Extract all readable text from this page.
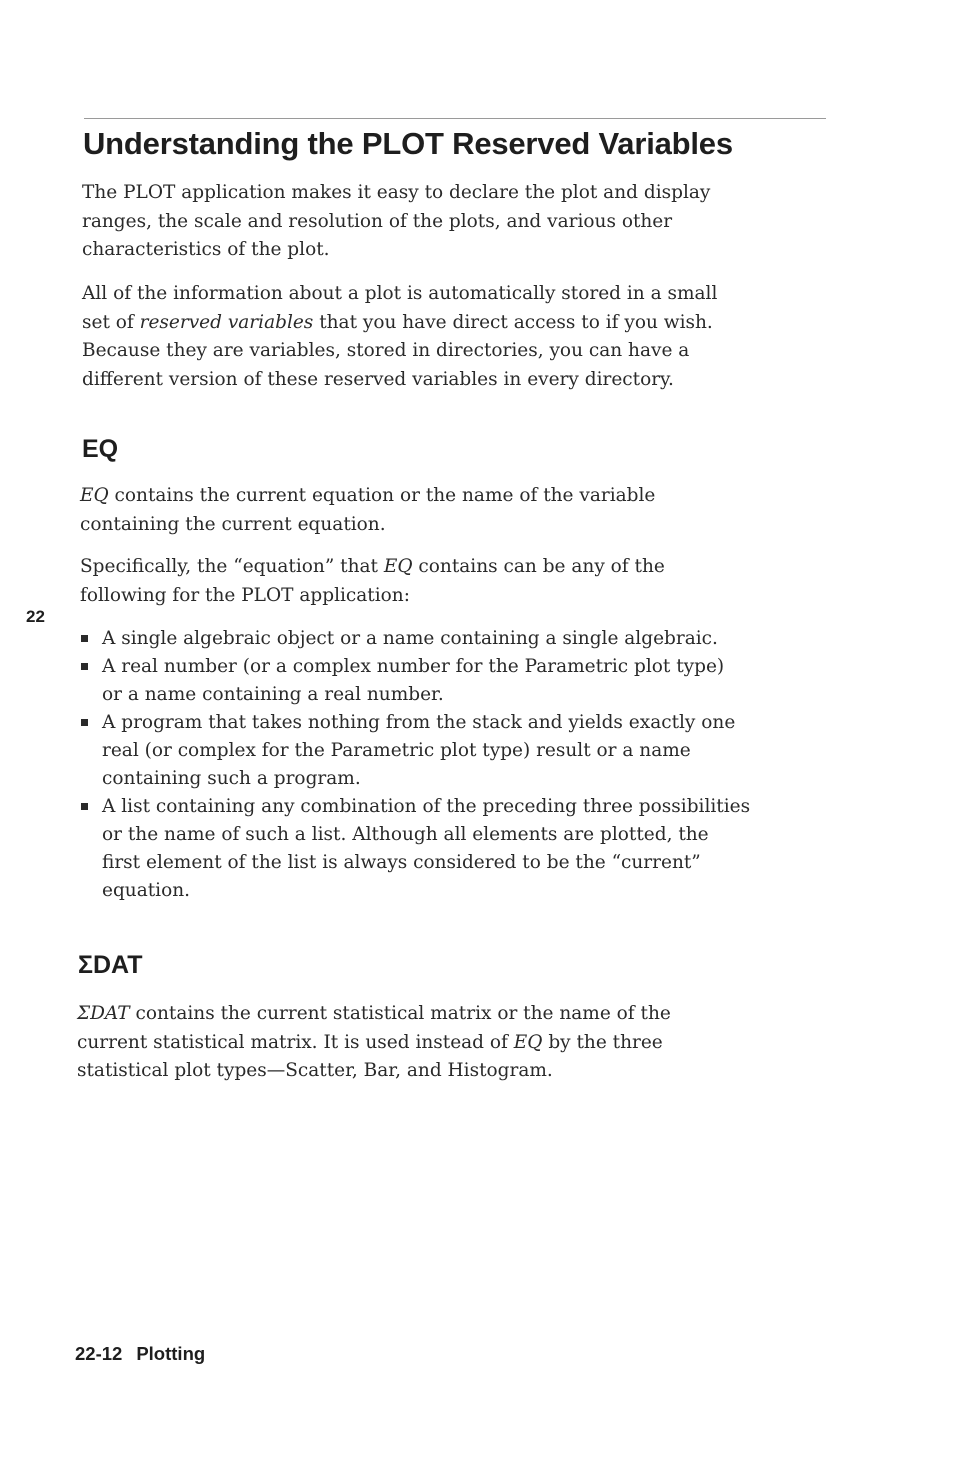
Understanding the PLOT Reserved Variables
The PLOT application makes it easy to declare the plot and display
ranges, the scale and resolution of the plots, and various other
characteristics of the plot.
All of the information about a plot is automatically stored in a small
set of reserved variables that you have direct access to if you wish.
Because they are variables, stored in directories, you can have a
different version of these reserved variables in every directory.
EQ
EQ contains the current equation or the name of the variable
containing the current equation.
Specifically, the “equation” that EQ contains can be any of the
following for the PLOT application:
22
A single algebraic object or a name containing a single algebraic.
A real number (or a complex number for the Parametric plot type)
or a name containing a real number.
A program that takes nothing from the stack and yields exactly one
real (or complex for the Parametric plot type) result or a name
containing such a program.
A list containing any combination of the preceding three possibilities
or the name of such a list. Although all elements are plotted, the
first element of the list is always considered to be the “current”
equation.
ΣDAT
ΣDAT contains the current statistical matrix or the name of the
current statistical matrix. It is used instead of EQ by the three
statistical plot types—Scatter, Bar, and Histogram.
22-12 Plotting
